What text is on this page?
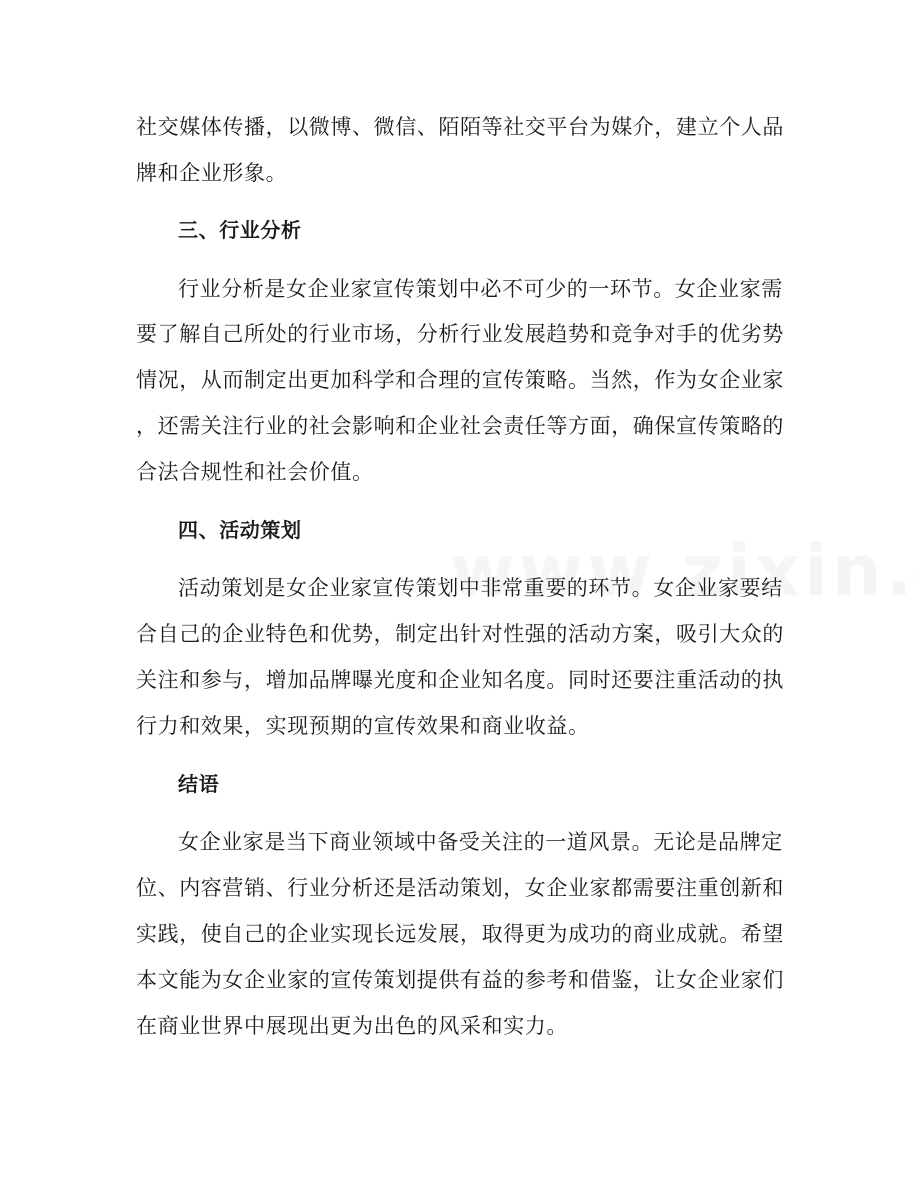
社交媒体传播，以微博、微信、陌陌等社交平台为媒介，建立个人品
牌和企业形象。
三、行业分析
行业分析是女企业家宣传策划中必不可少的一环节。女企业家需
要了解自己所处的行业市场，分析行业发展趋势和竞争对手的优劣势
情况，从而制定出更加科学和合理的宣传策略。当然，作为女企业家
，还需关注行业的社会影响和企业社会责任等方面，确保宣传策略的
合法合规性和社会价值。
四、活动策划
活动策划是女企业家宣传策划中非常重要的环节。女企业家要结
合自己的企业特色和优势，制定出针对性强的活动方案，吸引大众的
关注和参与，增加品牌曝光度和企业知名度。同时还要注重活动的执
行力和效果，实现预期的宣传效果和商业收益。
结语
女企业家是当下商业领域中备受关注的一道风景。无论是品牌定
位、内容营销、行业分析还是活动策划，女企业家都需要注重创新和
实践，使自己的企业实现长远发展，取得更为成功的商业成就。希望
本文能为女企业家的宣传策划提供有益的参考和借鉴，让女企业家们
在商业世界中展现出更为出色的风采和实力。
